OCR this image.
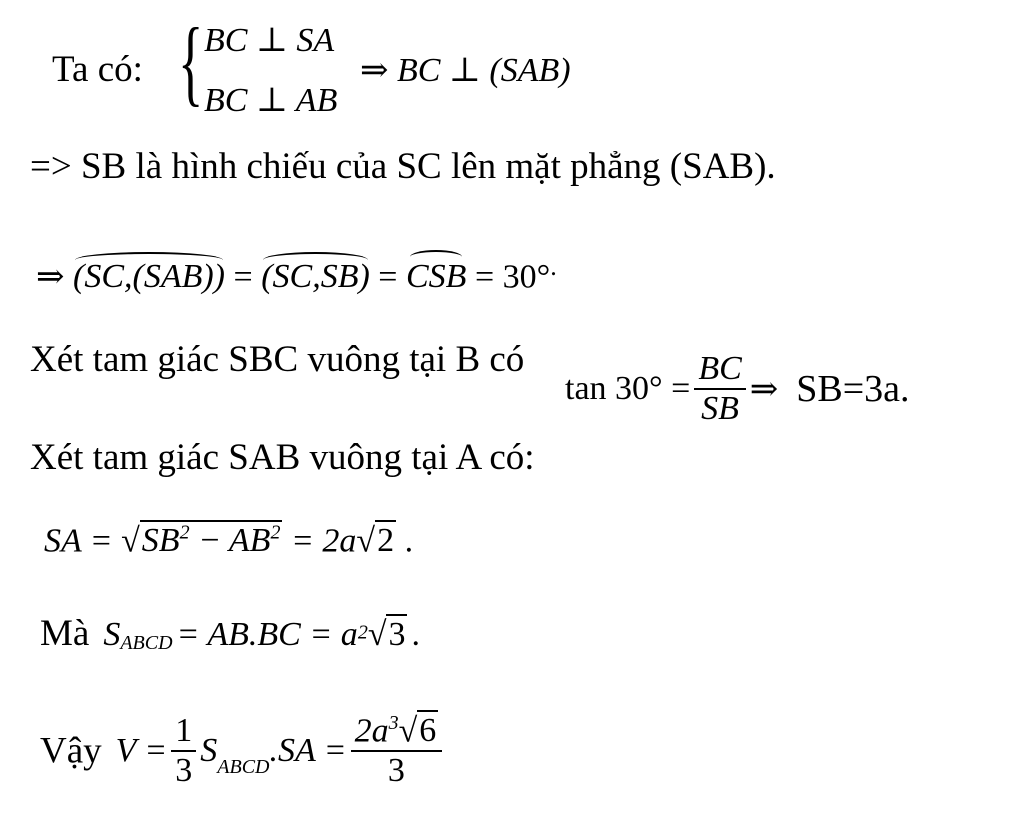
Ta có: { BC ⊥ SA
BC ⊥ AB
⇒ BC ⊥ (SAB)
=> SB là hình chiếu của SC lên mặt phẳng (SAB).
⇒ (SC,(SAB)) = (SC,SB) = CSB = 30°.
Xét tam giác SBC vuông tại B có
$\tan 30^\circ = \frac{BC}{SB}$ ⇒ SB=3a.
Xét tam giác SAB vuông tại A có:
SA = $√SB^2 - AB^2 = 2a√2$ .
Mà SABCD = AB.BC = a2√3 .
Vậy $V = \frac{1}{3}$ SABCD.SA = $\frac{2a^3√6}{3}$
